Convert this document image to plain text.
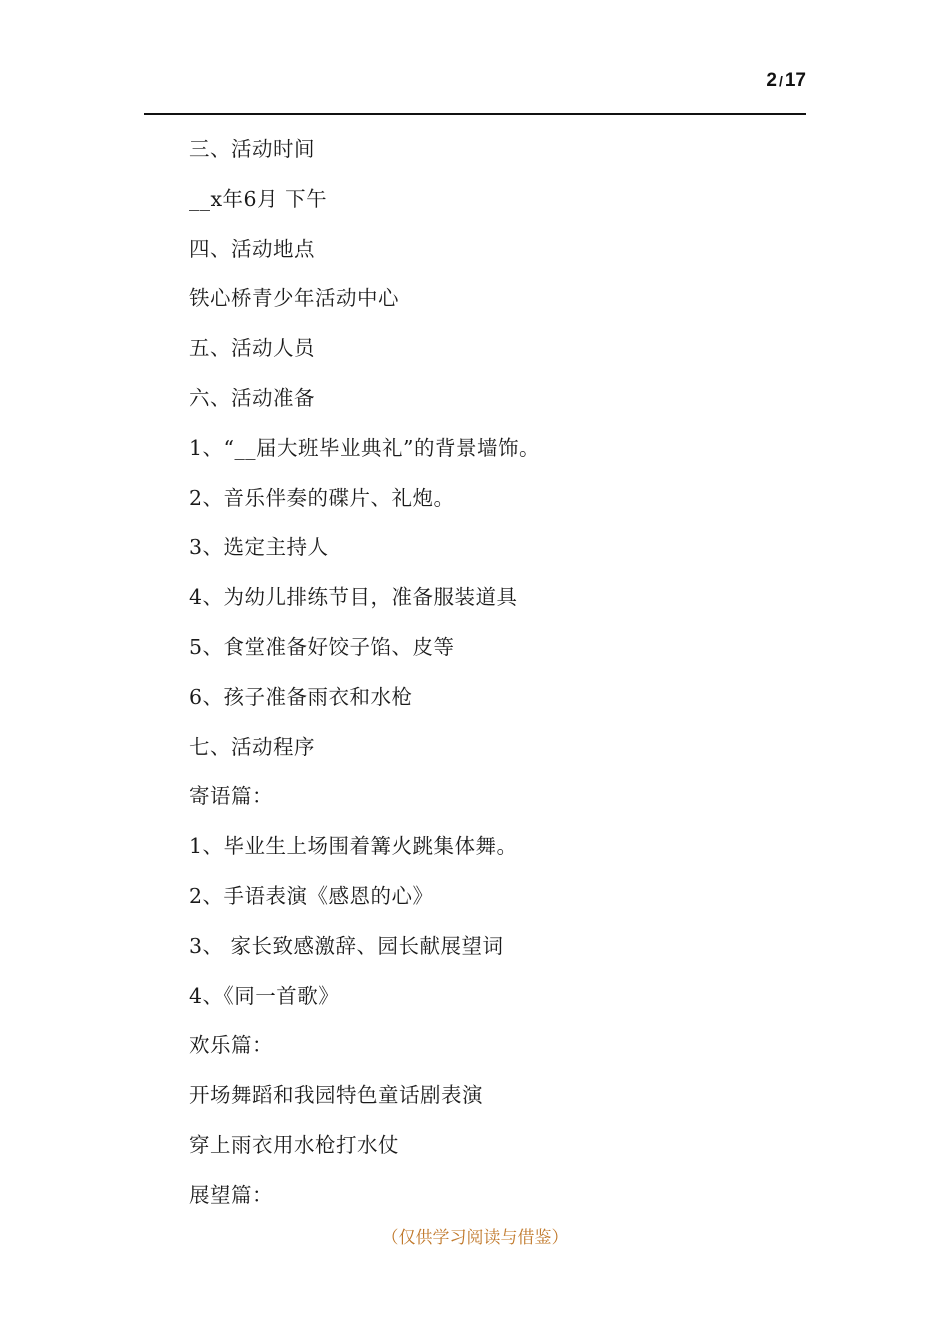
2 / 17
三、活动时间
__x年6月 下午
四、活动地点
铁心桥青少年活动中心
五、活动人员
六、活动准备
1、“__届大班毕业典礼”的背景墙饰。
2、音乐伴奏的碟片、礼炮。
3、选定主持人
4、为幼儿排练节目，准备服装道具
5、食堂准备好饺子馅、皮等
6、孩子准备雨衣和水枪
七、活动程序
寄语篇：
1、毕业生上场围着篝火跳集体舞。
2、手语表演《感恩的心》
3、 家长致感激辞、园长献展望词
4、《同一首歌》
欢乐篇：
开场舞蹈和我园特色童话剧表演
穿上雨衣用水枪打水仗
展望篇：
（仅供学习阅读与借鉴）
